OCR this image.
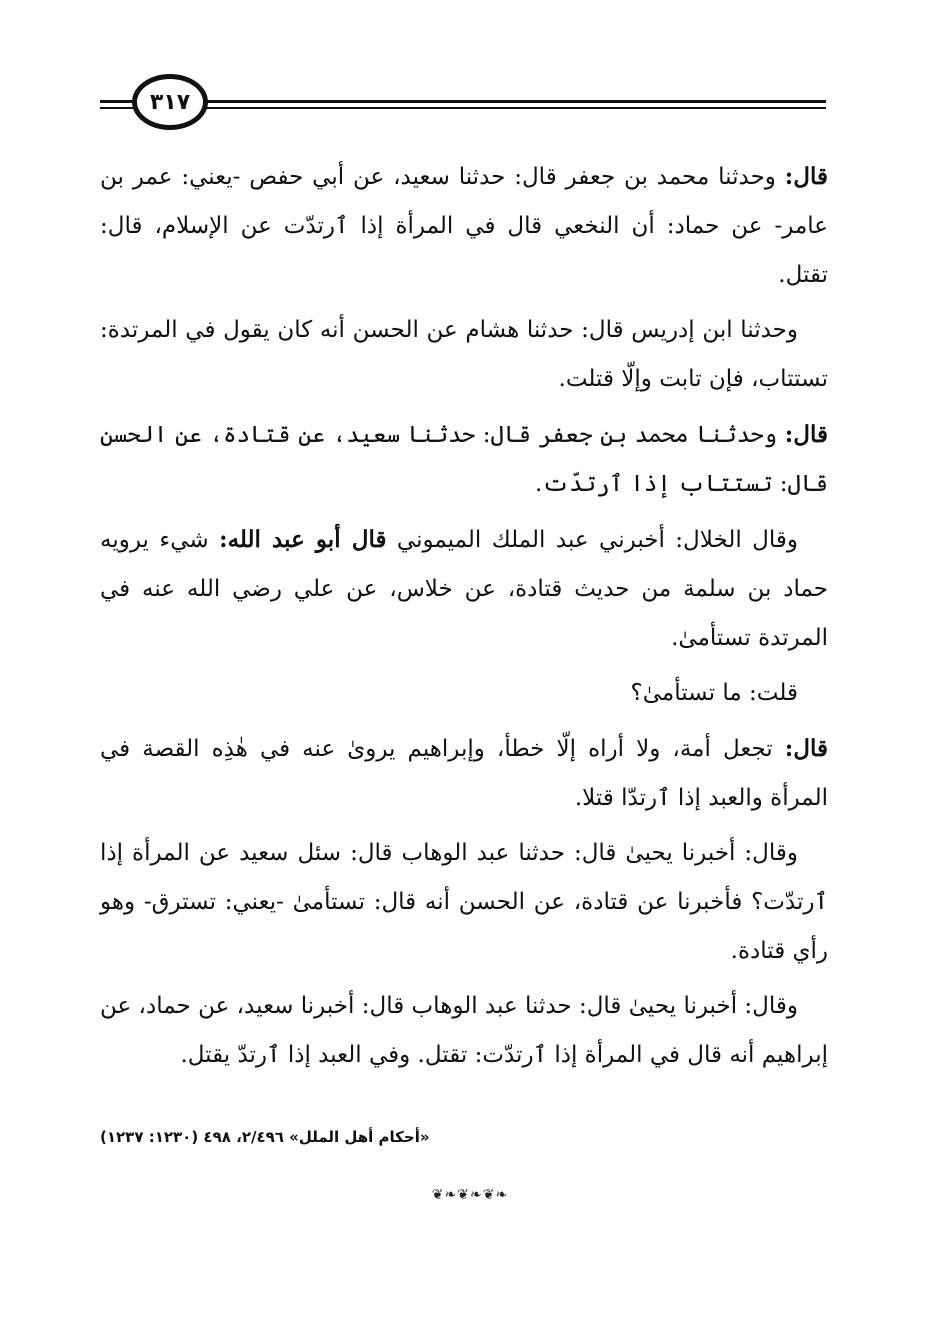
٣١٧

قال: وحدثنا محمد بن جعفر قال: حدثنا سعيد، عن أبي حفص -يعني: عمر بن عامر- عن حماد: أن النخعي قال في المرأة إذا ٱرتدّت عن الإسلام، قال: تقتل.

وحدثنا ابن إدريس قال: حدثنا هشام عن الحسن أنه كان يقول في المرتدة: تستتاب، فإن تابت وإلّا قتلت.

قال: وحدثنا محمد بن جعفر قال: حدثنا سعيد، عن قتادة، عن الحسن قال: تستتاب إذا ٱرتدّت.

وقال الخلال: أخبرني عبد الملك الميموني قال أبو عبد الله: شيء يرويه حماد بن سلمة من حديث قتادة، عن خلاس، عن علي رضي الله عنه في المرتدة تستأمىٰ.

قلت: ما تستأمىٰ؟

قال: تجعل أمة، ولا أراه إلّا خطأ، وإبراهيم يروىٰ عنه في هٰذِه القصة في المرأة والعبد إذا ٱرتدّا قتلا.

وقال: أخبرنا يحيىٰ قال: حدثنا عبد الوهاب قال: سئل سعيد عن المرأة إذا ٱرتدّت؟ فأخبرنا عن قتادة، عن الحسن أنه قال: تستأمىٰ -يعني: تسترق- وهو رأي قتادة.

وقال: أخبرنا يحيىٰ قال: حدثنا عبد الوهاب قال: أخبرنا سعيد، عن حماد، عن إبراهيم أنه قال في المرأة إذا ٱرتدّت: تقتل. وفي العبد إذا ٱرتدّ يقتل.

«أحكام أهل الملل» ٢/٤٩٦، ٤٩٨ (١٢٣٠: ١٢٣٧)
❦❧❦❧❦❧
